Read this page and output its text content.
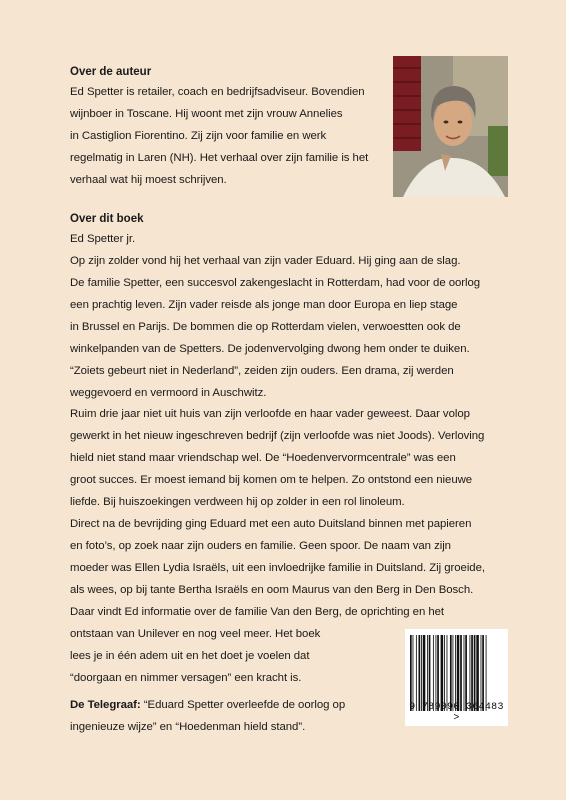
Over de auteur
Ed Spetter is retailer, coach en bedrijfsadviseur. Bovendien
wijnboer in Toscane. Hij woont met zijn vrouw Annelies
in Castiglion Fiorentino. Zij zijn voor familie en werk
regelmatig in Laren (NH). Het verhaal over zijn familie is het
verhaal wat hij moest schrijven.
Over dit boek
Ed Spetter jr.
Op zijn zolder vond hij het verhaal van zijn vader Eduard. Hij ging aan de slag.
De familie Spetter, een succesvol zakengeslacht in Rotterdam, had voor de oorlog
een prachtig leven. Zijn vader reisde als jonge man door Europa en liep stage
in Brussel en Parijs. De bommen die op Rotterdam vielen, verwoestten ook de
winkelpanden van de Spetters. De jodenvervolging dwong hem onder te duiken.
“Zoiets gebeurt niet in Nederland”, zeiden zijn ouders. Een drama, zij werden
weggevoerd en vermoord in Auschwitz.
Ruim drie jaar niet uit huis van zijn verloofde en haar vader geweest. Daar volop
gewerkt in het nieuw ingeschreven bedrijf (zijn verloofde was niet Joods). Verloving
hield niet stand maar vriendschap wel. De “Hoedenvervormcentrale” was een
groot succes. Er moest iemand bij komen om te helpen. Zo ontstond een nieuwe
liefde. Bij huiszoekingen verdween hij op zolder in een rol linoleum.
Direct na de bevrijding ging Eduard met een auto Duitsland binnen met papieren
en foto’s, op zoek naar zijn ouders en familie. Geen spoor. De naam van zijn
moeder was Ellen Lydia Israëls, uit een invloedrijke familie in Duitsland. Zij groeide,
als wees, op bij tante Bertha Israëls en oom Maurus van den Berg in Den Bosch.
Daar vindt Ed informatie over de familie Van den Berg, de oprichting en het
ontstaan van Unilever en nog veel meer. Het boek
lees je in één adem uit en het doet je voelen dat
“doorgaan en nimmer versagen” een kracht is.
De Telegraaf: “Eduard Spetter overleefde de oorlog op
ingenieuze wijze” en “Hoedenman hield stand”.
9 789090 364483 >
